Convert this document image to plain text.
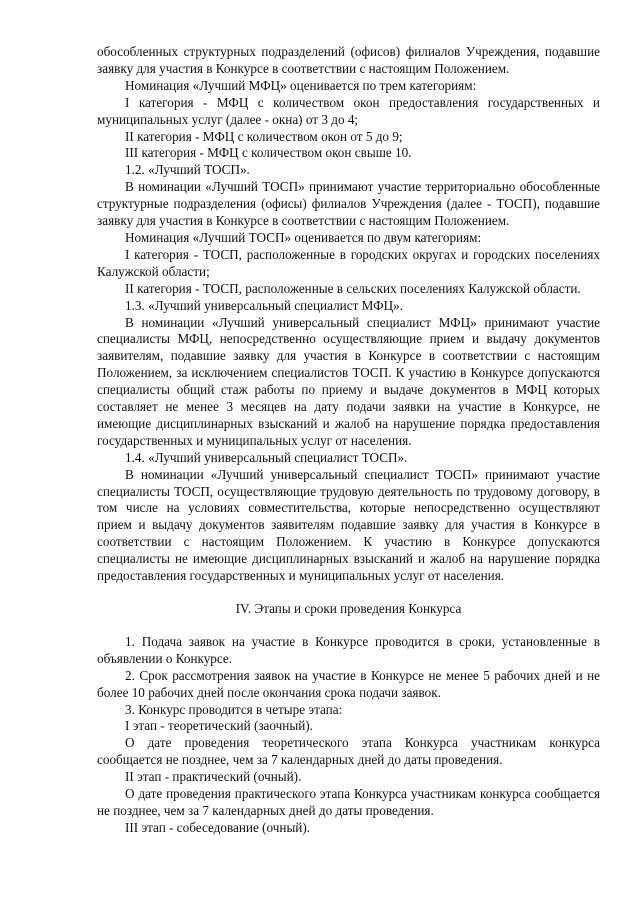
обособленных структурных подразделений (офисов) филиалов Учреждения, подавшие заявку для участия в Конкурсе в соответствии с настоящим Положением.

Номинация «Лучший МФЦ» оценивается по трем категориям:

I категория - МФЦ с количеством окон предоставления государственных и муниципальных услуг (далее - окна) от 3 до 4;

II категория - МФЦ с количеством окон от 5 до 9;

III категория - МФЦ с количеством окон свыше 10.

1.2. «Лучший ТОСП».

В номинации «Лучший ТОСП» принимают участие территориально обособленные структурные подразделения (офисы) филиалов Учреждения (далее - ТОСП), подавшие заявку для участия в Конкурсе в соответствии с настоящим Положением.

Номинация «Лучший ТОСП» оценивается по двум категориям:

I категория - ТОСП, расположенные в городских округах и городских поселениях Калужской области;

II категория - ТОСП, расположенные в сельских поселениях Калужской области.

1.3. «Лучший универсальный специалист МФЦ».

В номинации «Лучший универсальный специалист МФЦ» принимают участие специалисты МФЦ, непосредственно осуществляющие прием и выдачу документов заявителям, подавшие заявку для участия в Конкурсе в соответствии с настоящим Положением, за исключением специалистов ТОСП. К участию в Конкурсе допускаются специалисты общий стаж работы по приему и выдаче документов в МФЦ которых составляет не менее 3 месяцев на дату подачи заявки на участие в Конкурсе, не имеющие дисциплинарных взысканий и жалоб на нарушение порядка предоставления государственных и муниципальных услуг от населения.

1.4. «Лучший универсальный специалист ТОСП».

В номинации «Лучший универсальный специалист ТОСП» принимают участие специалисты ТОСП, осуществляющие трудовую деятельность по трудовому договору, в том числе на условиях совместительства, которые непосредственно осуществляют прием и выдачу документов заявителям подавшие заявку для участия в Конкурсе в соответствии с настоящим Положением. К участию в Конкурсе допускаются специалисты не имеющие дисциплинарных взысканий и жалоб на нарушение порядка предоставления государственных и муниципальных услуг от населения.

IV. Этапы и сроки проведения Конкурса

1. Подача заявок на участие в Конкурсе проводится в сроки, установленные в объявлении о Конкурсе.

2. Срок рассмотрения заявок на участие в Конкурсе не менее 5 рабочих дней и не более 10 рабочих дней после окончания срока подачи заявок.

3. Конкурс проводится в четыре этапа:

I этап - теоретический (заочный).

О дате проведения теоретического этапа Конкурса участникам конкурса сообщается не позднее, чем за 7 календарных дней до даты проведения.

II этап - практический (очный).

О дате проведения практического этапа Конкурса участникам конкурса сообщается не позднее, чем за 7 календарных дней до даты проведения.

III этап - собеседование (очный).
